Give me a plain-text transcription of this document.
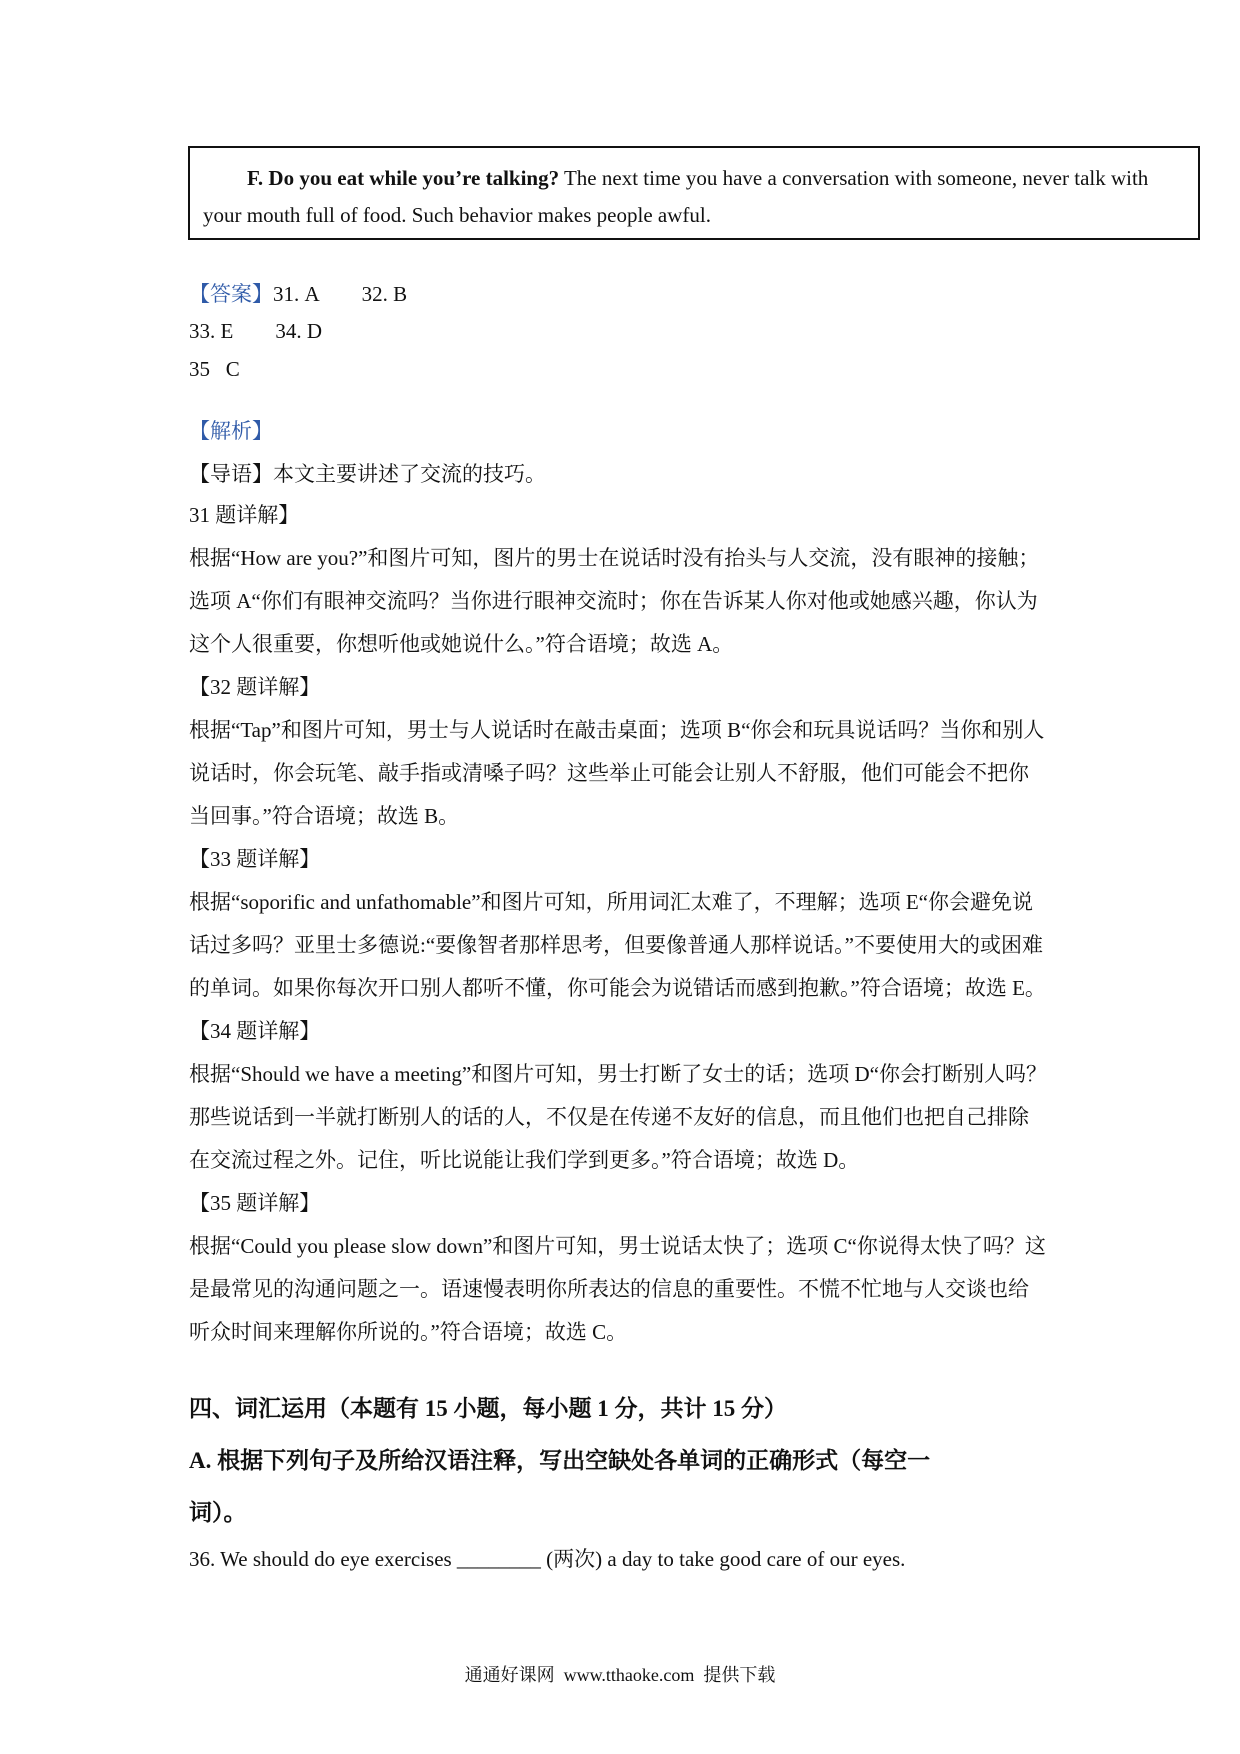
F. Do you eat while you’re talking? The next time you have a conversation with someone, never talk with your mouth full of food. Such behavior makes people awful.
【答案】31. A        32. B
33. E        34. D
35   C
【解析】
【导语】本文主要讲述了交流的技巧。

31 题详解】

根据“How are you?”和图片可知，图片的男士在说话时没有抬头与人交流，没有眼神的接触；选项 A“你们有眼神交流吗？当你进行眼神交流时；你在告诉某人你对他或她感兴趣，你认为这个人很重要，你想听他或她说什么。”符合语境；故选 A。

【32 题详解】

根据“Tap”和图片可知，男士与人说话时在敲击桌面；选项 B“你会和玩具说话吗？当你和别人说话时，你会玩笔、敲手指或清嗓子吗？这些举止可能会让别人不舒服，他们可能会不把你当回事。”符合语境；故选 B。

【33 题详解】

根据“soporific and unfathomable”和图片可知，所用词汇太难了，不理解；选项 E“你会避免说话过多吗？亚里士多德说:“要像智者那样思考，但要像普通人那样说话。”不要使用大的或困难的单词。如果你每次开口别人都听不懂，你可能会为说错话而感到抱歉。”符合语境；故选 E。

【34 题详解】

根据“Should we have a meeting”和图片可知，男士打断了女士的话；选项 D“你会打断别人吗？那些说话到一半就打断别人的话的人，不仅是在传递不友好的信息，而且他们也把自己排除在交流过程之外。记住，听比说能让我们学到更多。”符合语境；故选 D。

【35 题详解】

根据“Could you please slow down”和图片可知，男士说话太快了；选项 C“你说得太快了吗？这是最常见的沟通问题之一。语速慢表明你所表达的信息的重要性。不慌不忙地与人交谈也给听众时间来理解你所说的。”符合语境；故选 C。

四、词汇运用（本题有 15 小题，每小题 1 分，共计 15 分）
A. 根据下列句子及所给汉语注释，写出空缺处各单词的正确形式（每空一
词）。
36. We should do eye exercises ________ (两次) a day to take good care of our eyes.
通通好课网  www.tthaoke.com  提供下载
